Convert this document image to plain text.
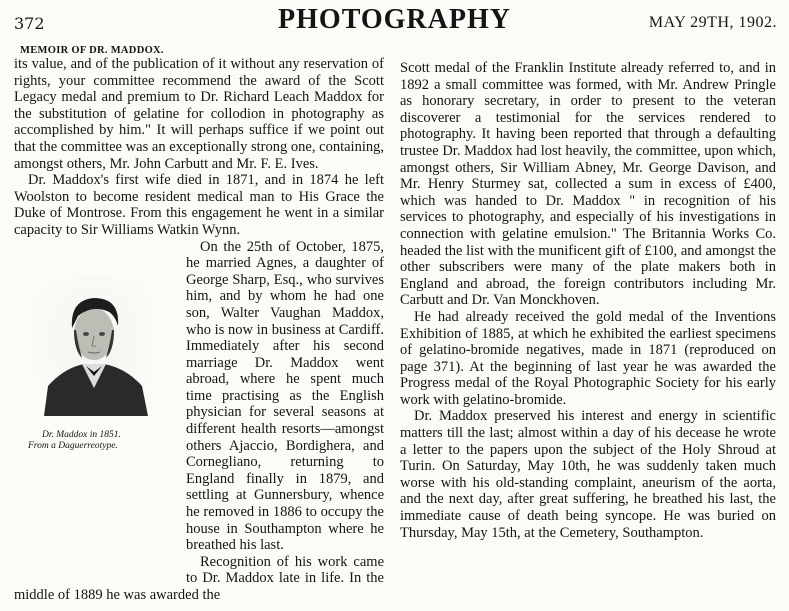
372	PHOTOGRAPHY	MAY 29TH, 1902.
MEMOIR OF DR. MADDOX.

its value, and of the publication of it without any reservation of rights, your committee recommend the award of the Scott Legacy medal and premium to Dr. Richard Leach Maddox for the substitution of gelatine for collodion in photography as accomplished by him." It will perhaps suffice if we point out that the committee was an exceptionally strong one, containing, amongst others, Mr. John Carbutt and Mr. F. E. Ives.

Dr. Maddox's first wife died in 1871, and in 1874 he left Woolston to become resident medical man to His Grace the Duke of Montrose. From this engagement he went in a similar capacity to Sir Williams Watkin Wynn.

Dr. Maddox in 1851.
From a Daguerreotype.
On the 25th of October, 1875, he married Agnes, a daughter of George Sharp, Esq., who survives him, and by whom he had one son, Walter Vaughan Maddox, who is now in business at Cardiff. Immediately after his second marriage Dr. Maddox went abroad, where he spent much time practising as the English physician for several seasons at different health resorts—amongst others Ajaccio, Bordighera, and Corneglianо, returning to England finally in 1879, and settling at Gunnersbury, whence he removed in 1886 to occupy the house in Southampton where he breathed his last.

Recognition of his work came to Dr. Maddox late in life. In the middle of 1889 he was awarded the

Scott medal of the Franklin Institute already referred to, and in 1892 a small committee was formed, with Mr. Andrew Pringle as honorary secretary, in order to present to the veteran discoverer a testimonial for the services rendered to photography. It having been reported that through a defaulting trustee Dr. Maddox had lost heavily, the committee, upon which, amongst others, Sir William Abney, Mr. George Davison, and Mr. Henry Sturmey sat, collected a sum in excess of £400, which was handed to Dr. Maddox " in recognition of his services to photography, and especially of his investigations in connection with gelatine emulsion." The Britannia Works Co. headed the list with the munificent gift of £100, and amongst the other subscribers were many of the plate makers both in England and abroad, the foreign contributors including Mr. Carbutt and Dr. Van Monckhoven.

He had already received the gold medal of the Inventions Exhibition of 1885, at which he exhibited the earliest specimens of gelatino-bromide negatives, made in 1871 (reproduced on page 371). At the beginning of last year he was awarded the Progress medal of the Royal Photographic Society for his early work with gelatino-bromide.

Dr. Maddox preserved his interest and energy in scientific matters till the last; almost within a day of his decease he wrote a letter to the papers upon the subject of the Holy Shroud at Turin. On Saturday, May 10th, he was suddenly taken much worse with his old-standing complaint, aneurism of the aorta, and the next day, after great suffering, he breathed his last, the immediate cause of death being syncope. He was buried on Thursday, May 15th, at the Cemetery, Southampton.
